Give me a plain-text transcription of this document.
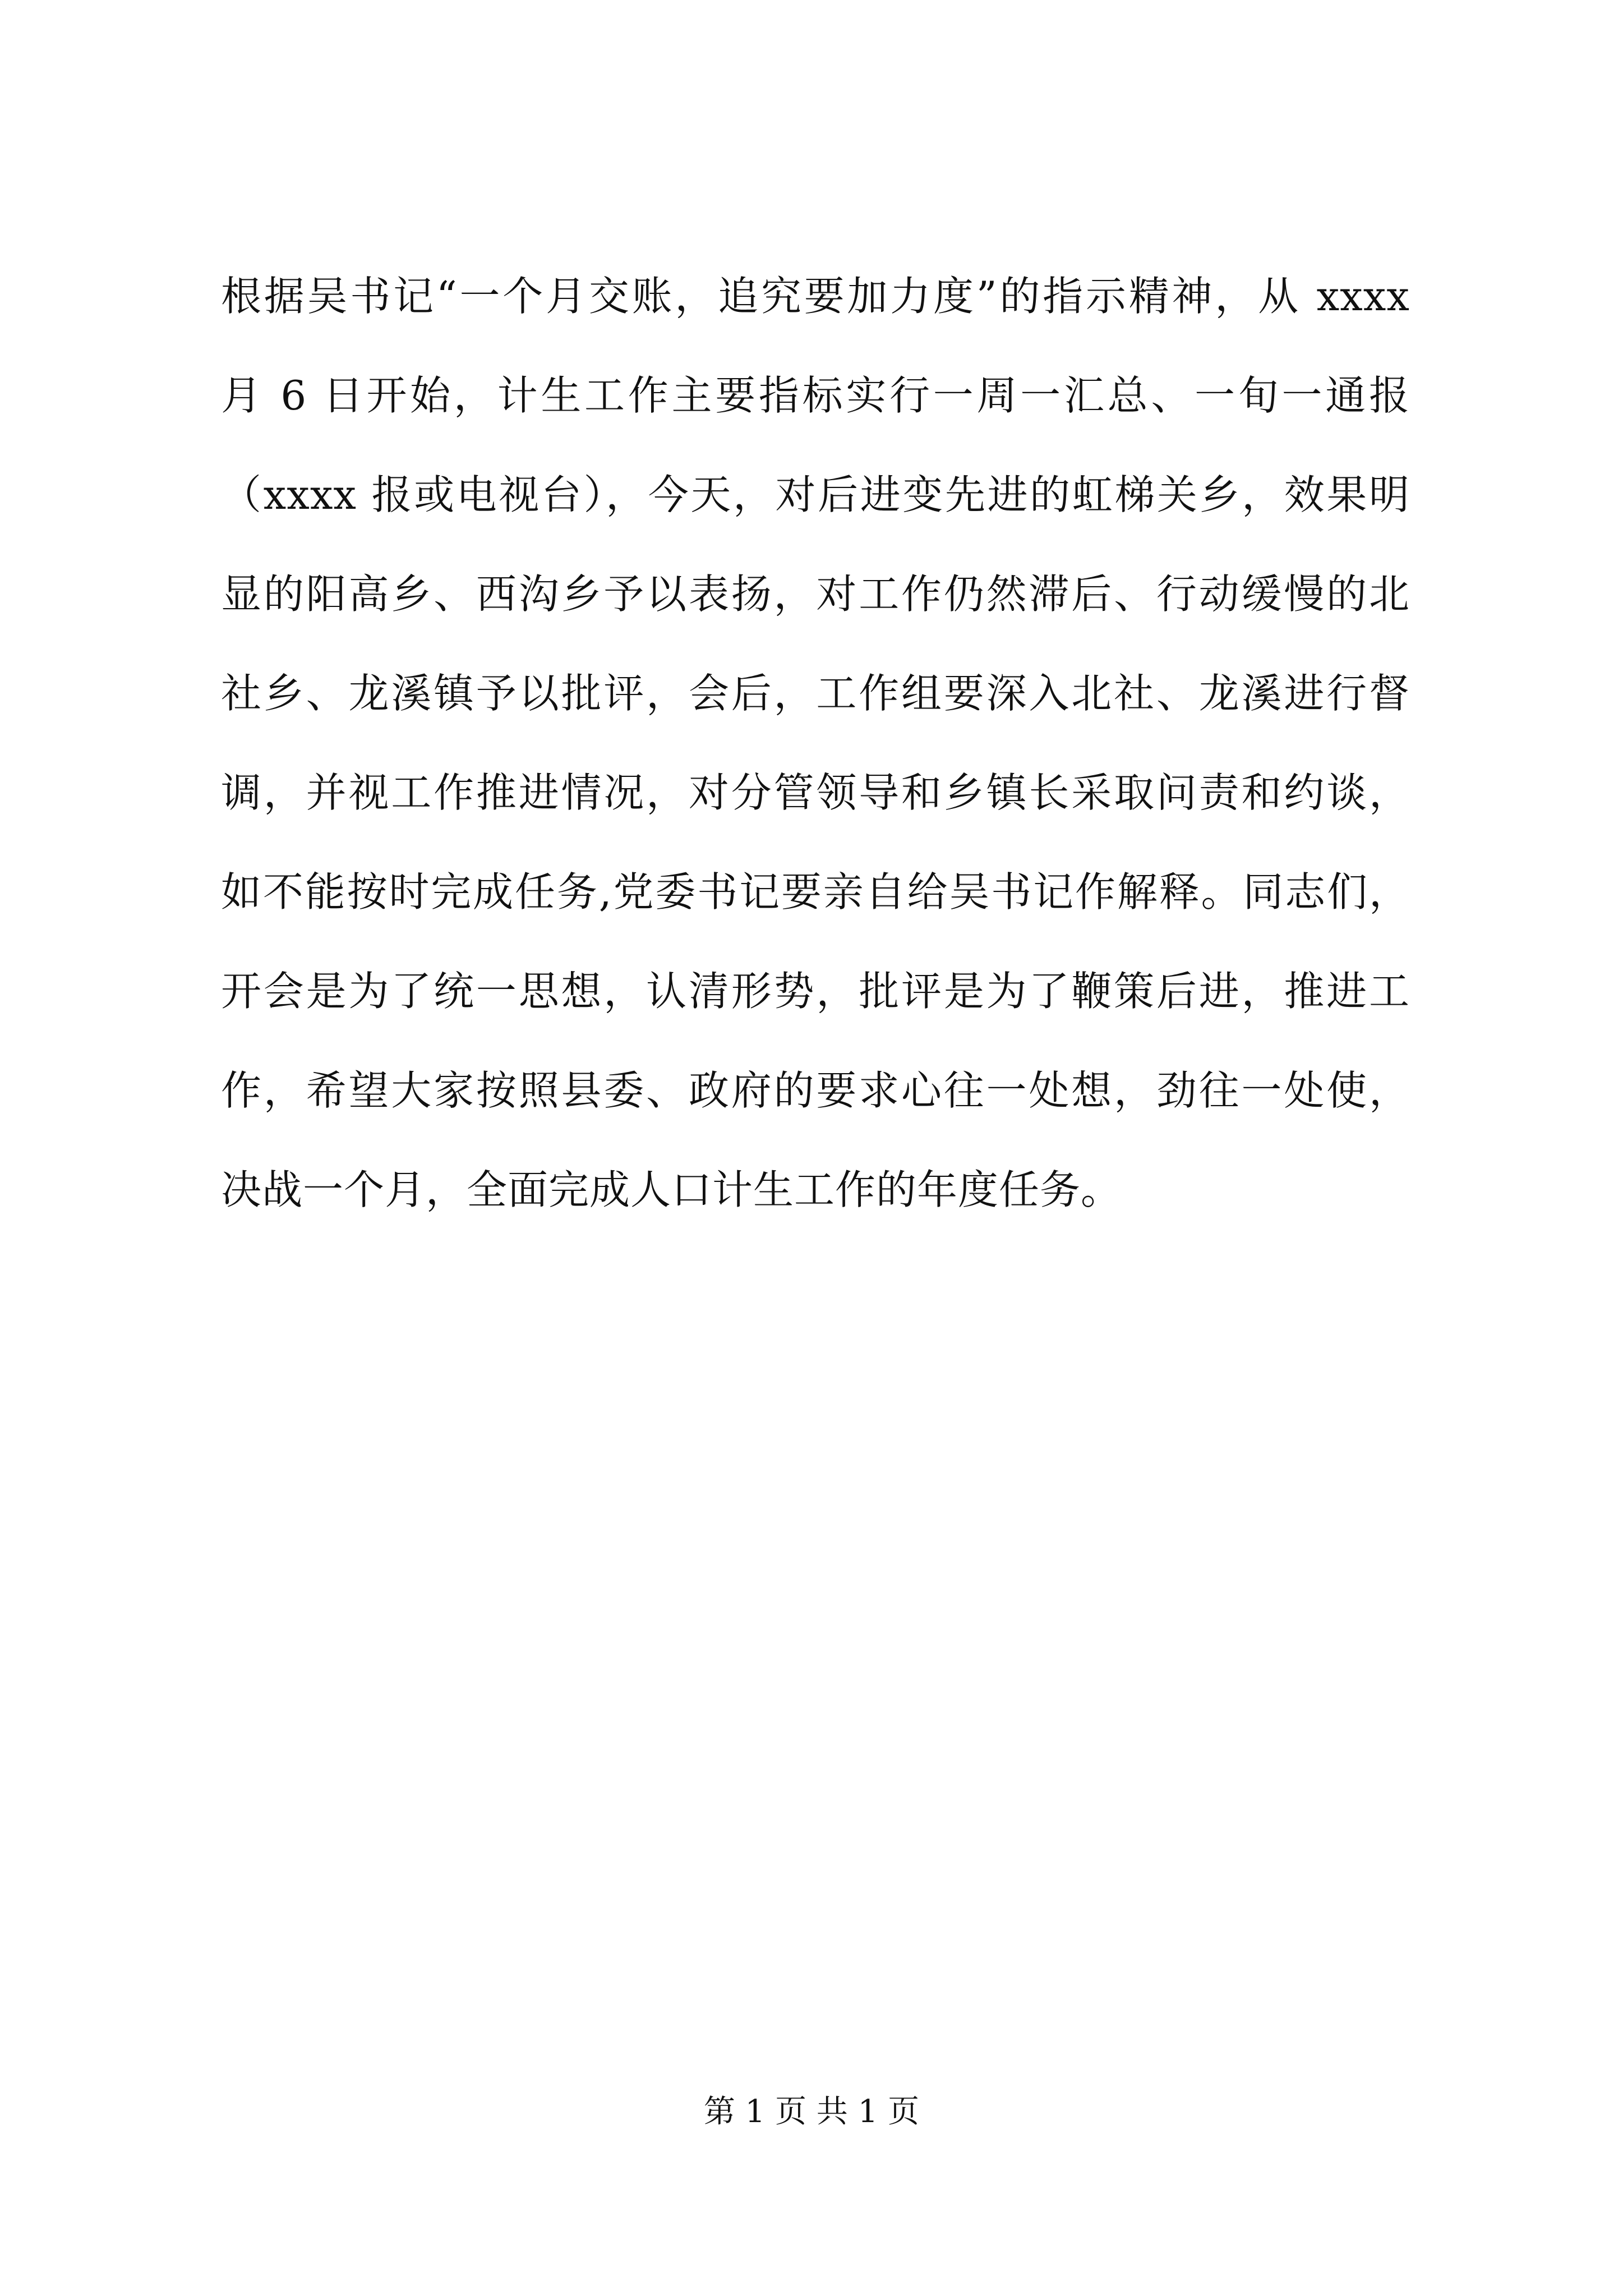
根据吴书记“一个月交账，追究要加力度”的指示精神，从 xxxx
月 6 日开始，计生工作主要指标实行一周一汇总、一旬一通报
（xxxx 报或电视台），今天，对后进变先进的虹梯关乡，效果明
显的阳高乡、西沟乡予以表扬，对工作仍然滞后、行动缓慢的北
社乡、龙溪镇予以批评，会后，工作组要深入北社、龙溪进行督
调，并视工作推进情况，对分管领导和乡镇长采取问责和约谈，
如不能按时完成任务,党委书记要亲自给吴书记作解释。同志们，
开会是为了统一思想，认清形势，批评是为了鞭策后进，推进工
作，希望大家按照县委、政府的要求心往一处想，劲往一处使，
决战一个月，全面完成人口计生工作的年度任务。
第 1 页 共 1 页
